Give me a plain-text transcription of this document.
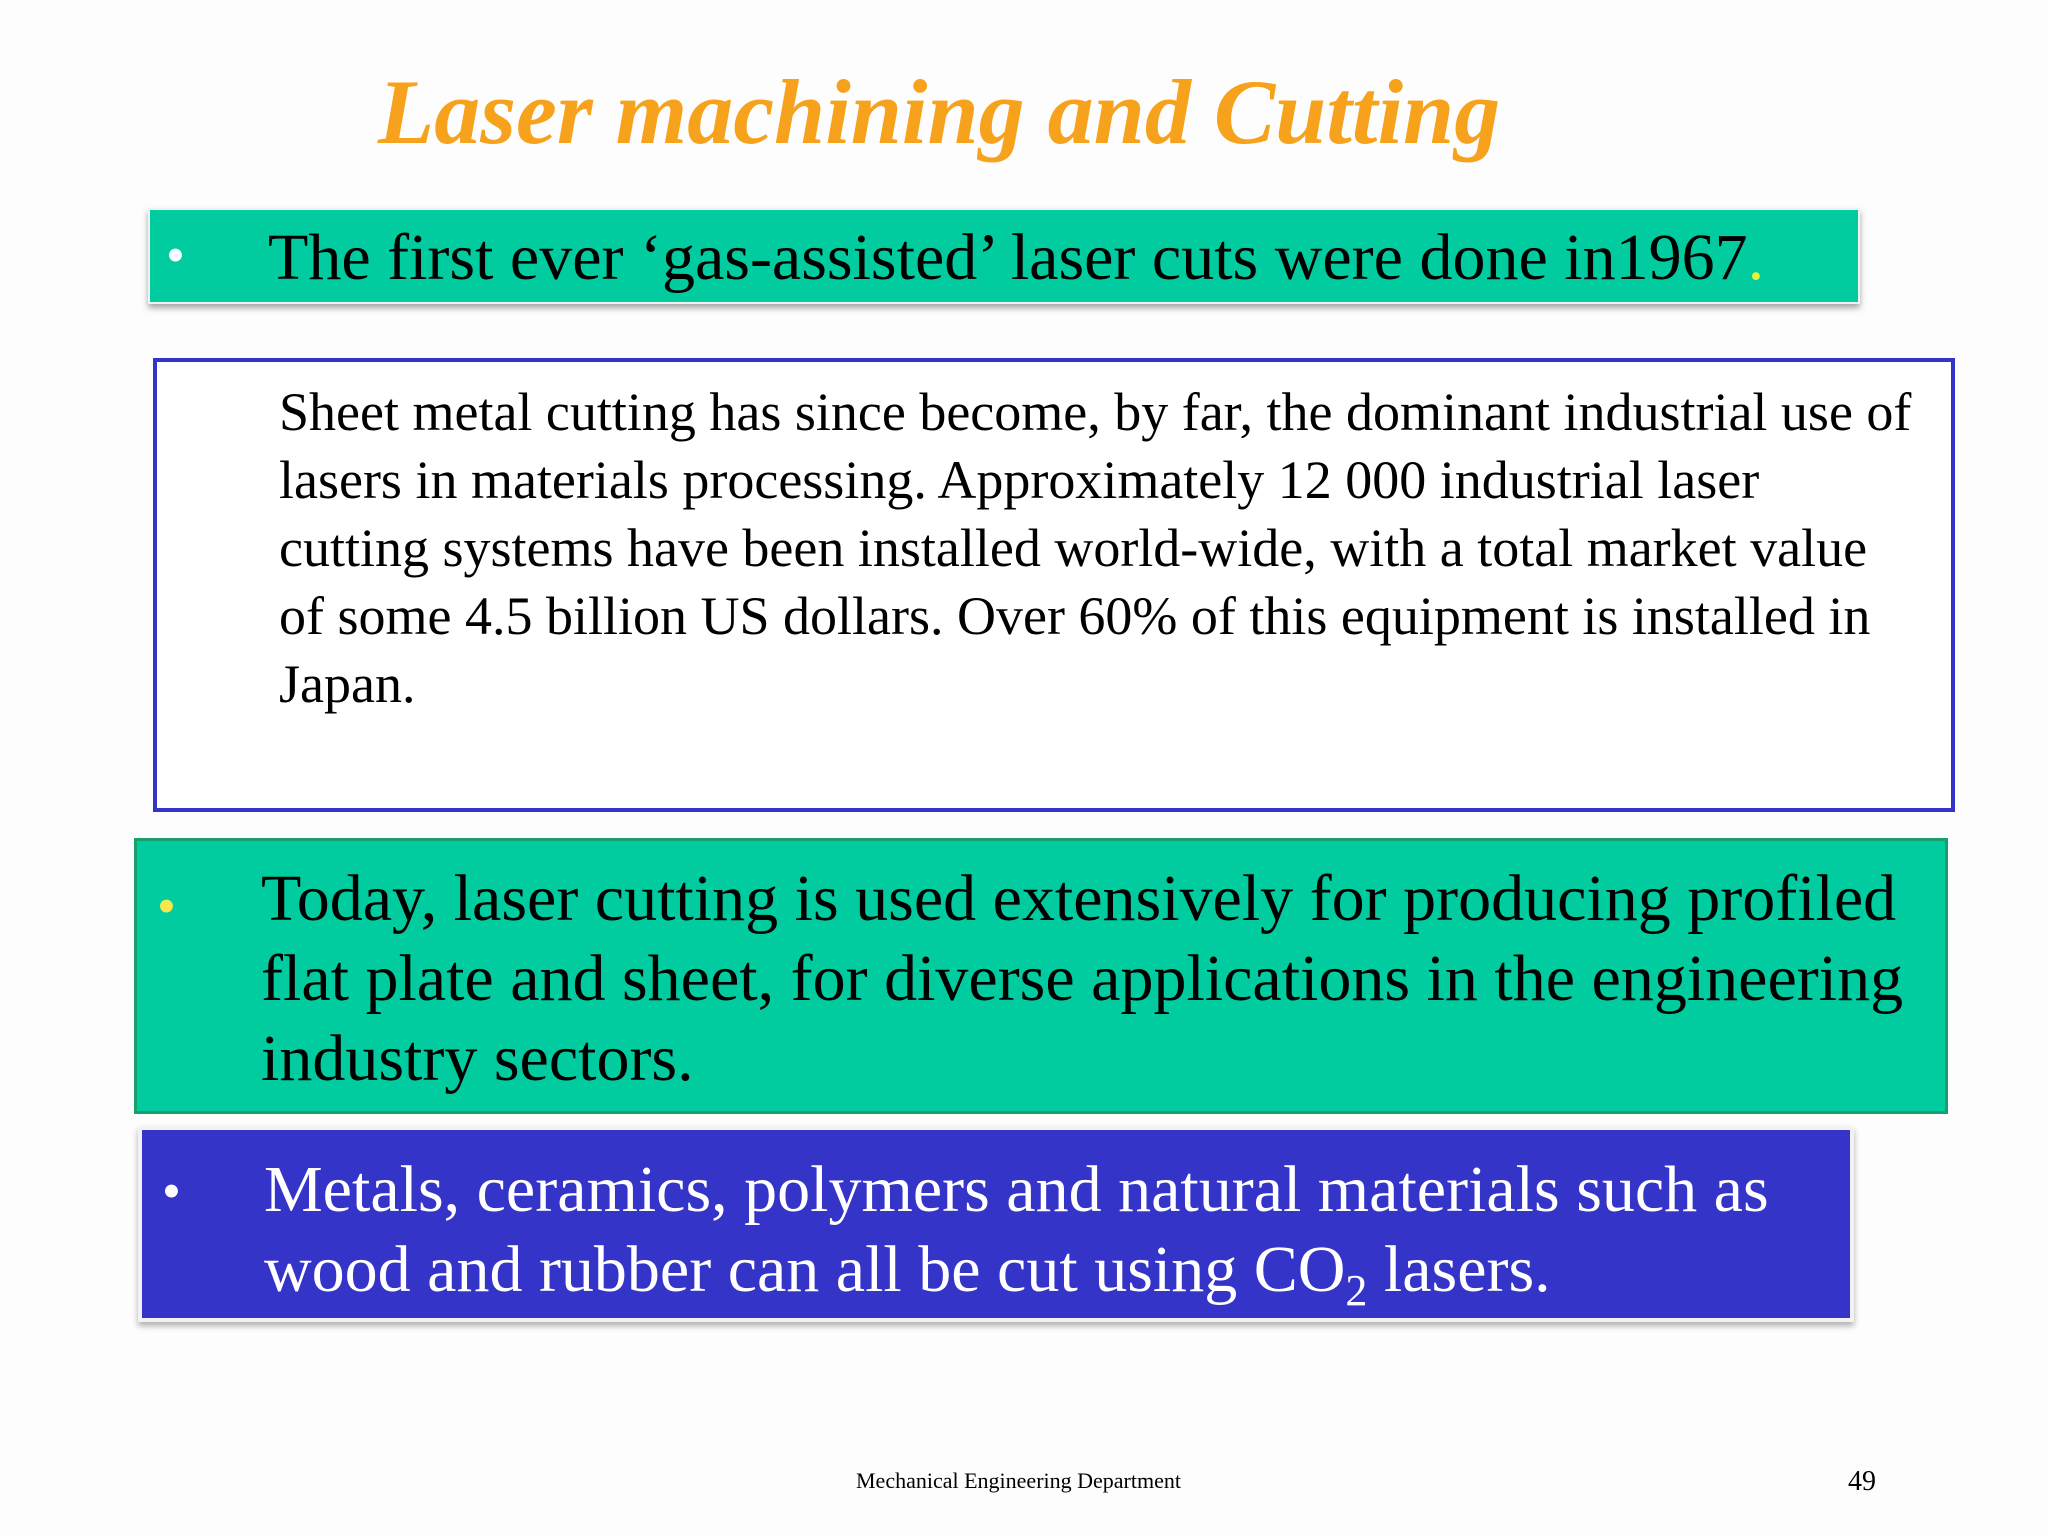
Laser machining and Cutting
• The first ever ‘gas-assisted’ laser cuts were done in1967.
Sheet metal cutting has since become, by far, the dominant industrial use of lasers in materials processing. Approximately 12 000 industrial laser cutting systems have been installed world-wide, with a total market value of some 4.5 billion US dollars. Over 60% of this equipment is installed in Japan.
• Today, laser cutting is used extensively for producing profiled flat plate and sheet, for diverse applications in the engineering industry sectors.
• Metals, ceramics, polymers and natural materials such as wood and rubber can all be cut using $CO_2$ lasers.
Mechanical Engineering Department	49
